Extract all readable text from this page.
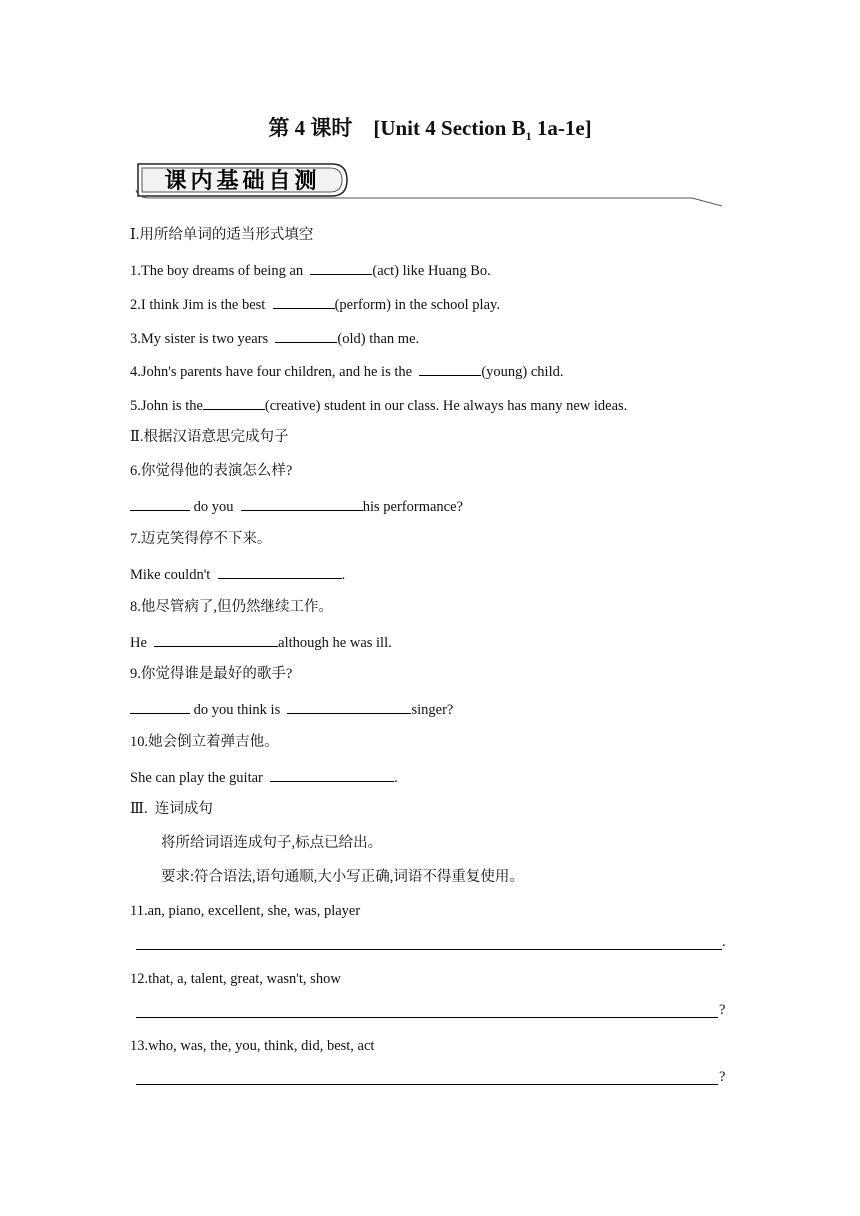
第 4 课时    [Unit 4 Section $B_1$ 1a-1e]
课内基础自测
Ⅰ.用所给单词的适当形式填空
1.The boy dreams of being an	(act) like Huang Bo.
2.I think Jim is the best	(perform) in the school play.
3.My sister is two years	(old) than me.
4.John's parents have four children, and he is the	(young) child.
5.John is the	(creative) student in our class. He always has many new ideas.
Ⅱ.根据汉语意思完成句子
6.你觉得他的表演怎么样?
do you	his performance?
7.迈克笑得停不下来。
Mike couldn't	.
8.他尽管病了,但仍然继续工作。
He	although he was ill.
9.你觉得谁是最好的歌手?
do you think is	singer?
10.她会倒立着弹吉他。
She can play the guitar	.
Ⅲ.  连词成句
将所给词语连成句子,标点已给出。
要求:符合语法,语句通顺,大小写正确,词语不得重复使用。
11.an, piano, excellent, she, was, player
.
12.that, a, talent, great, wasn't, show
?
13.who, was, the, you, think, did, best, act
?
